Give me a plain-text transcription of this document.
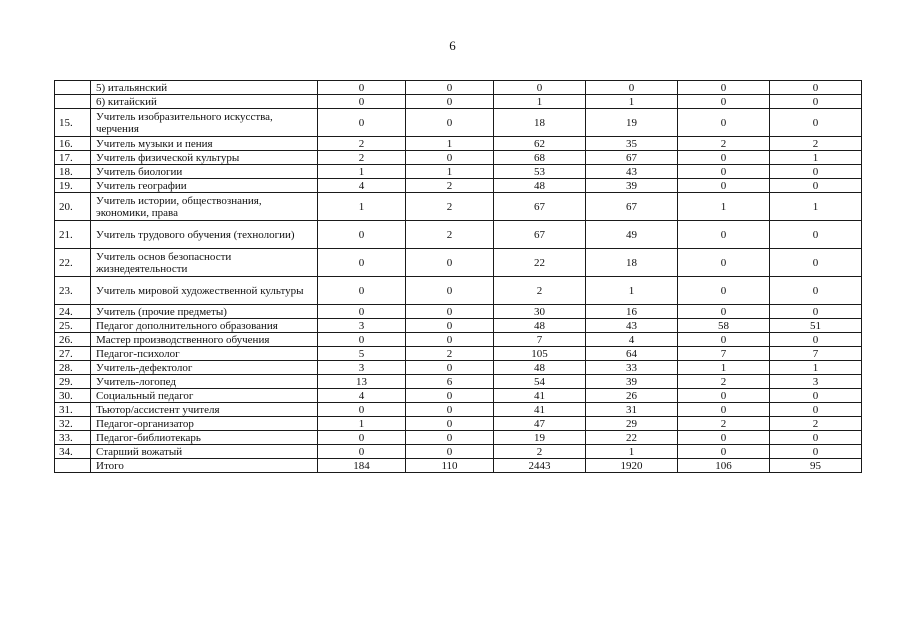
6
	5) итальянский	0	0	0	0	0	0
	6) китайский	0	0	1	1	0	0
15.	Учитель изобразительного искусства, черчения	0	0	18	19	0	0
16.	Учитель музыки и пения	2	1	62	35	2	2
17.	Учитель физической культуры	2	0	68	67	0	1
18.	Учитель биологии	1	1	53	43	0	0
19.	Учитель географии	4	2	48	39	0	0
20.	Учитель истории, обществознания, экономики, права	1	2	67	67	1	1
21.	Учитель трудового обучения (технологии)	0	2	67	49	0	0
22.	Учитель основ безопасности жизнедеятельности	0	0	22	18	0	0
23.	Учитель мировой художественной культуры	0	0	2	1	0	0
24.	Учитель (прочие предметы)	0	0	30	16	0	0
25.	Педагог дополнительного образования	3	0	48	43	58	51
26.	Мастер производственного обучения	0	0	7	4	0	0
27.	Педагог-психолог	5	2	105	64	7	7
28.	Учитель-дефектолог	3	0	48	33	1	1
29.	Учитель-логопед	13	6	54	39	2	3
30.	Социальный педагог	4	0	41	26	0	0
31.	Тьютор/ассистент учителя	0	0	41	31	0	0
32.	Педагог-организатор	1	0	47	29	2	2
33.	Педагог-библиотекарь	0	0	19	22	0	0
34.	Старший вожатый	0	0	2	1	0	0
	Итого	184	110	2443	1920	106	95
